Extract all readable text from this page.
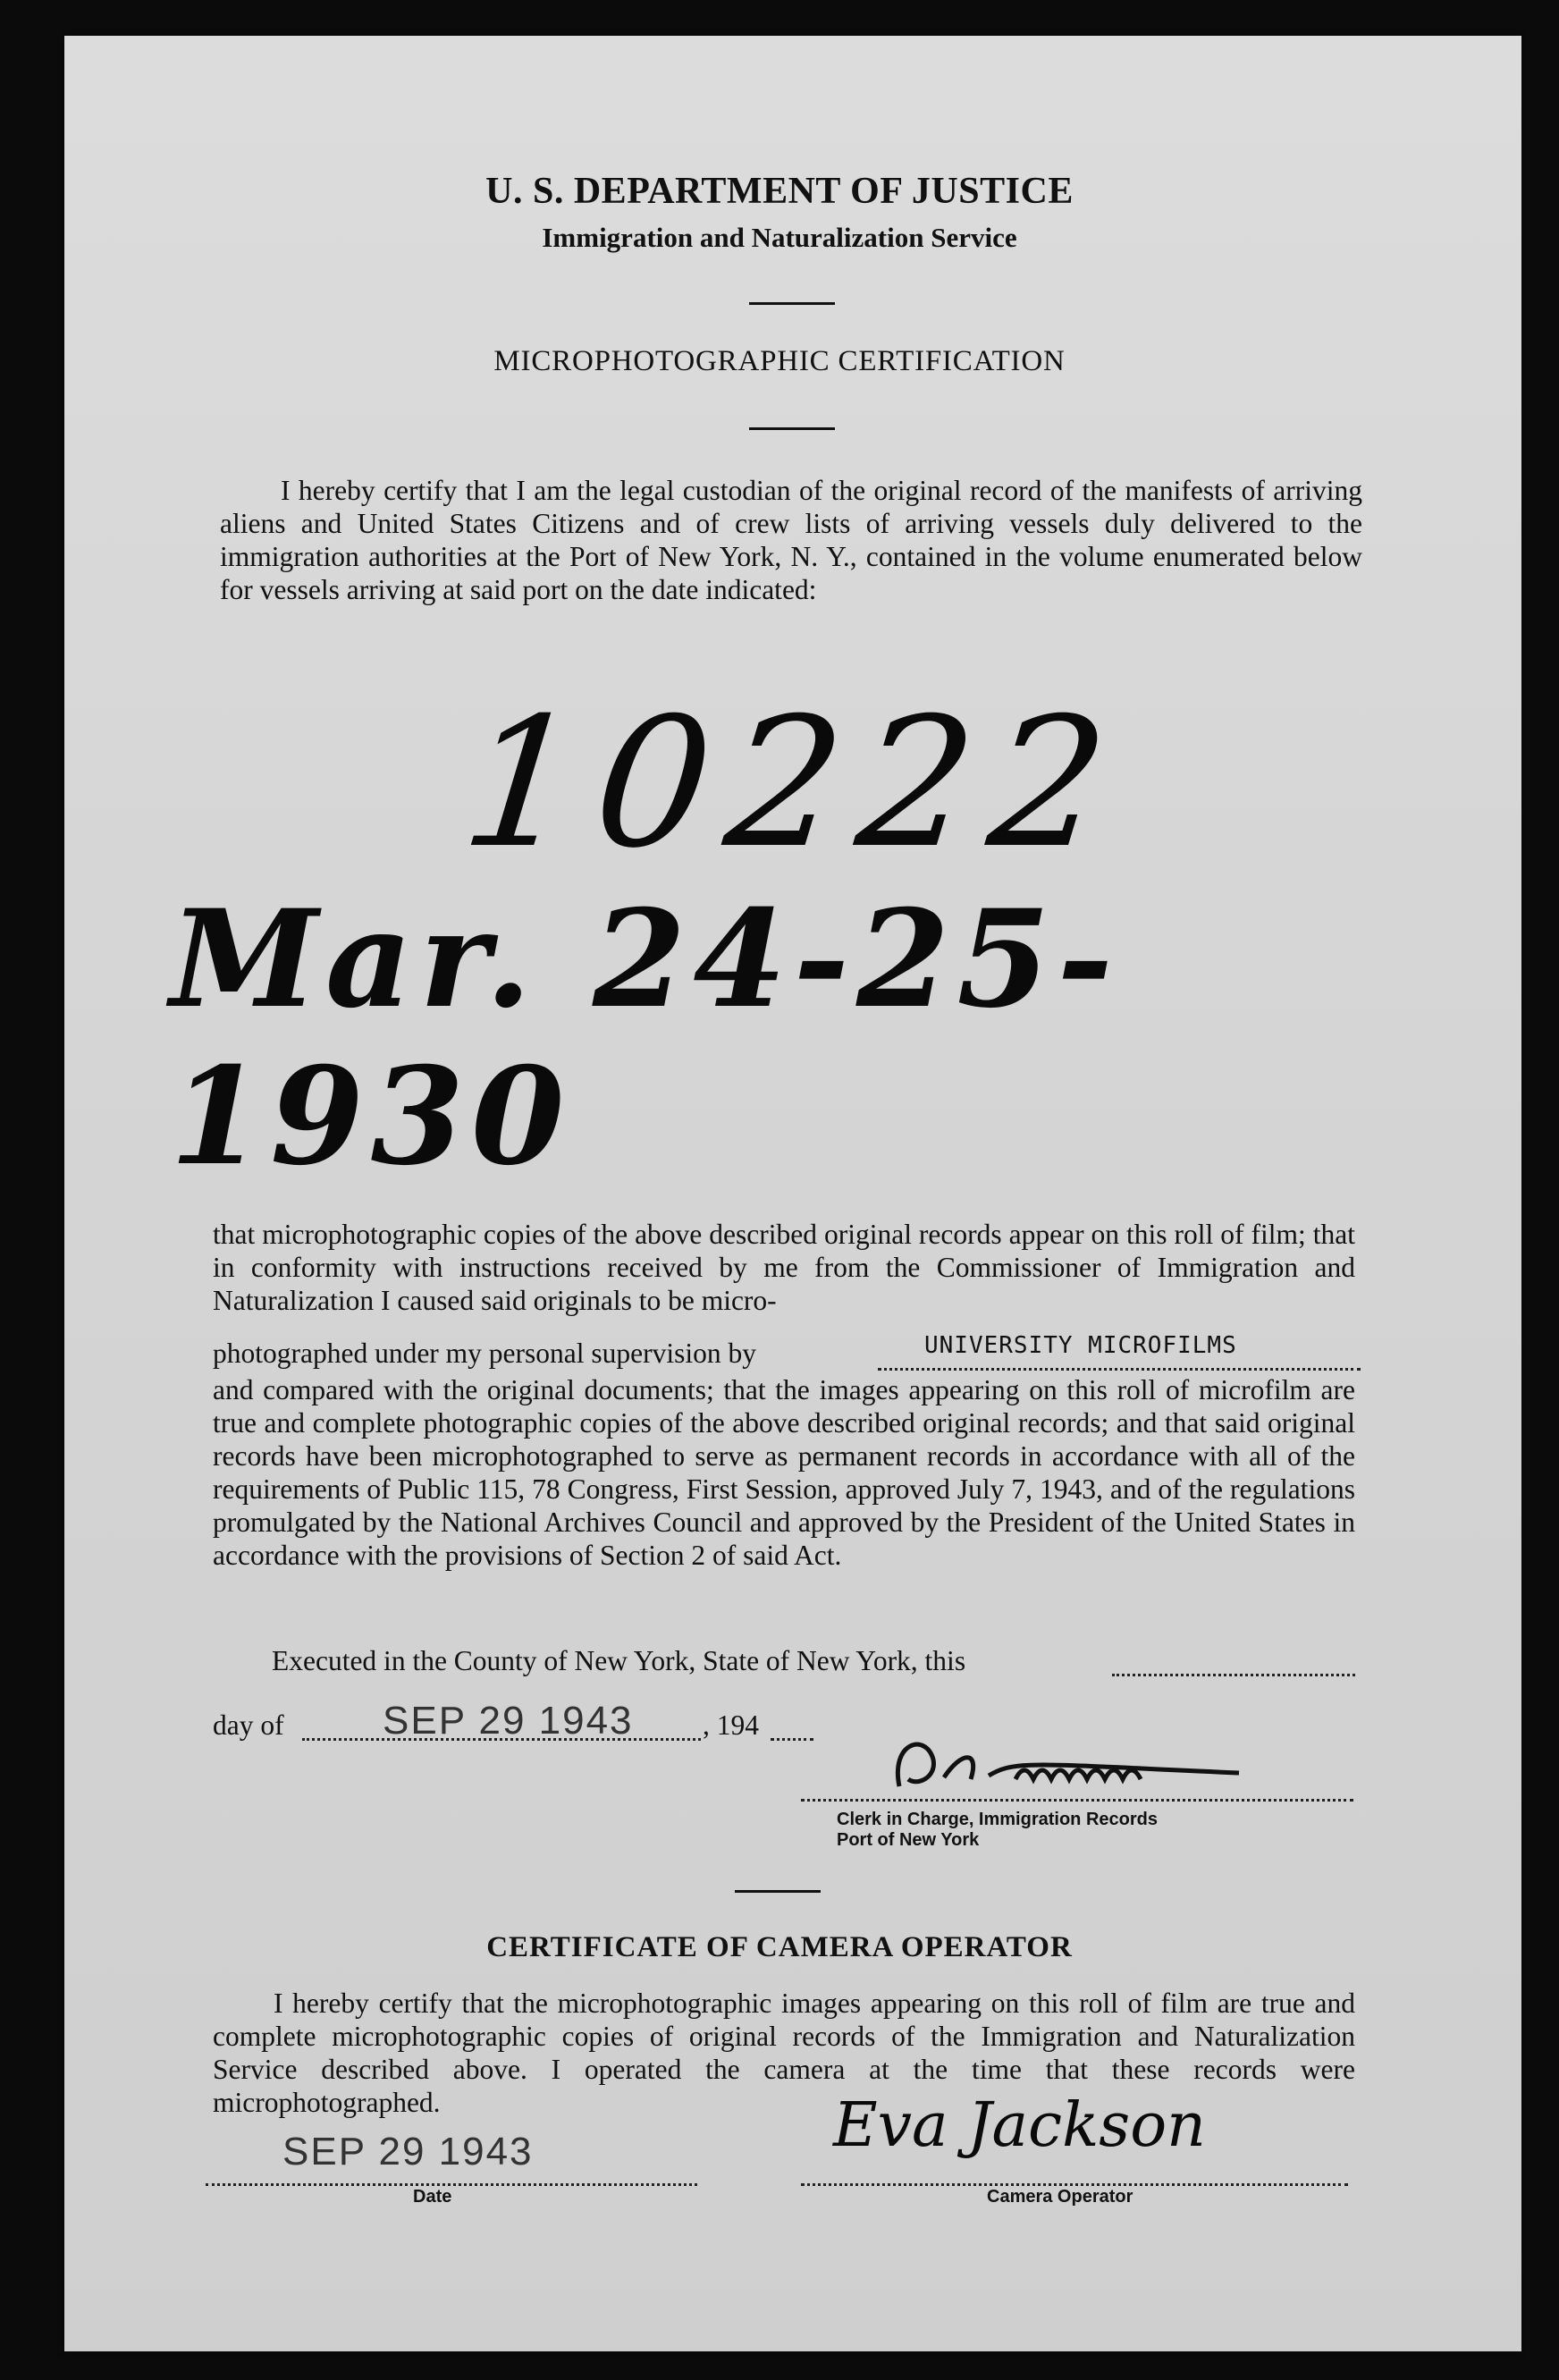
U. S. DEPARTMENT OF JUSTICE
Immigration and Naturalization Service
MICROPHOTOGRAPHIC CERTIFICATION
I hereby certify that I am the legal custodian of the original record of the manifests of arriving aliens and United States Citizens and of crew lists of arriving vessels duly delivered to the immigration authorities at the Port of New York, N. Y., contained in the volume enumerated below for vessels arriving at said port on the date indicated:
10222
Mar. 24-25- 1930
that microphotographic copies of the above described original records appear on this roll of film; that in conformity with instructions received by me from the Commissioner of Immigration and Naturalization I caused said originals to be micro-
photographed under my personal supervision by	UNIVERSITY MICROFILMS
and compared with the original documents; that the images appearing on this roll of microfilm are true and complete photographic copies of the above described original records; and that said original records have been microphotographed to serve as permanent records in accordance with all of the requirements of Public 115, 78 Congress, First Session, approved July 7, 1943, and of the regulations promulgated by the National Archives Council and approved by the President of the United States in accordance with the provisions of Section 2 of said Act.
Executed in the County of New York, State of New York, this
day of	SEP 29 1943 , 194
Clerk in Charge, Immigration Records
Port of New York
CERTIFICATE OF CAMERA OPERATOR
I hereby certify that the microphotographic images appearing on this roll of film are true and complete microphotographic copies of original records of the Immigration and Naturalization Service described above. I operated the camera at the time that these records were microphotographed.
SEP 29 1943
Date
Eva Jackson
Camera Operator
